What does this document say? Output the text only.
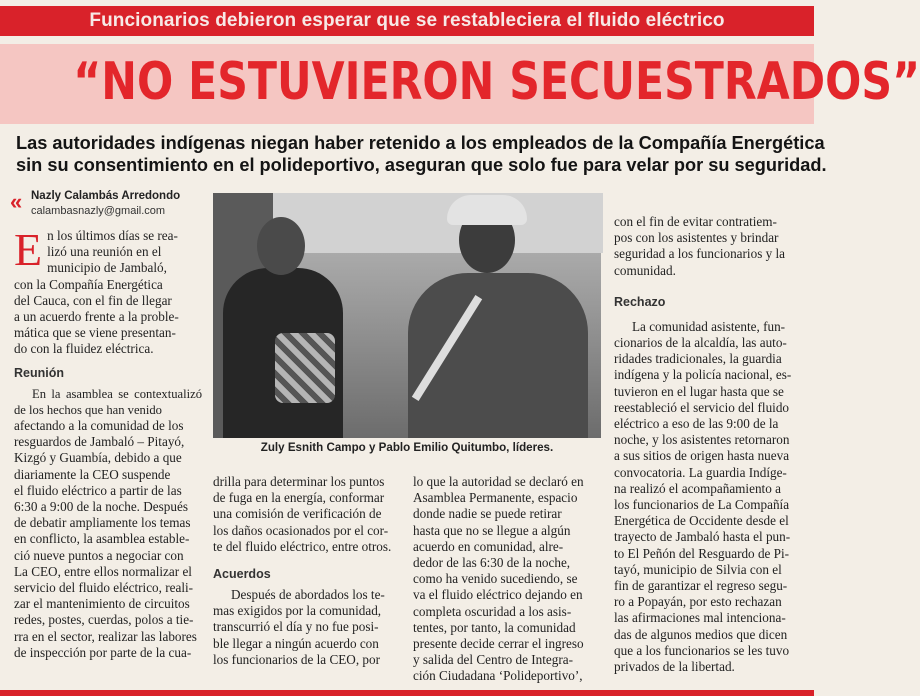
Funcionarios debieron esperar que se restableciera el fluido eléctrico
“NO ESTUVIERON SECUESTRADOS”
Las autoridades indígenas niegan haber retenido a los empleados de la Compañía Energética
sin su consentimiento en el polideportivo, aseguran que solo fue para velar por su seguridad.
« Nazly Calambás Arredondo
calambasnazly@gmail.com

E n los últimos días se rea-
lizó una reunión en el
municipio de Jambaló,
con la Compañía Energética
del Cauca, con el fin de llegar
a un acuerdo frente a la proble-
mática que se viene presentan-
do con la fluidez eléctrica.

Reunión

En la asamblea se contextualizó de los hechos que han venido
afectando a la comunidad de los
resguardos de Jambaló – Pitayó,
Kizgó y Guambía, debido a que
diariamente la CEO suspende
el fluido eléctrico a partir de las
6:30 a 9:00 de la noche. Después
de debatir ampliamente los temas
en conflicto, la asamblea estable-
ció nueve puntos a negociar con
La CEO, entre ellos normalizar el
servicio del fluido eléctrico, reali-
zar el mantenimiento de circuitos
redes, postes, cuerdas, polos a tie-
rra en el sector, realizar las labores
de inspección por parte de la cua-

Zuly Esnith Campo y Pablo Emilio Quitumbo, líderes.

drilla para determinar los puntos
de fuga en la energía, conformar
una comisión de verificación de
los daños ocasionados por el cor-
te del fluido eléctrico, entre otros.

Acuerdos

Después de abordados los te-
mas exigidos por la comunidad,
transcurrió el día y no fue posi-
ble llegar a ningún acuerdo con
los funcionarios de la CEO, por

lo que la autoridad se declaró en
Asamblea Permanente, espacio
donde nadie se puede retirar
hasta que no se llegue a algún
acuerdo en comunidad, alre-
dedor de las 6:30 de la noche,
como ha venido sucediendo, se
va el fluido eléctrico dejando en
completa oscuridad a los asis-
tentes, por tanto, la comunidad
presente decide cerrar el ingreso
y salida del Centro de Integra-
ción Ciudadana ‘Polideportivo’,

con el fin de evitar contratiem-
pos con los asistentes y brindar
seguridad a los funcionarios y la
comunidad.

Rechazo

La comunidad asistente, fun-
cionarios de la alcaldía, las auto-
ridades tradicionales, la guardia
indígena y la policía nacional, es-
tuvieron en el lugar hasta que se
reestableció el servicio del fluido
eléctrico a eso de las 9:00 de la
noche, y los asistentes retornaron
a sus sitios de origen hasta nueva
convocatoria. La guardia Indíge-
na realizó el acompañamiento a
los funcionarios de La Compañía
Energética de Occidente desde el
trayecto de Jambaló hasta el pun-
to El Peñón del Resguardo de Pi-
tayó, municipio de Silvia con el
fin de garantizar el regreso segu-
ro a Popayán, por esto rechazan
las afirmaciones mal intenciona-
das de algunos medios que dicen
que a los funcionarios se les tuvo
privados de la libertad.
